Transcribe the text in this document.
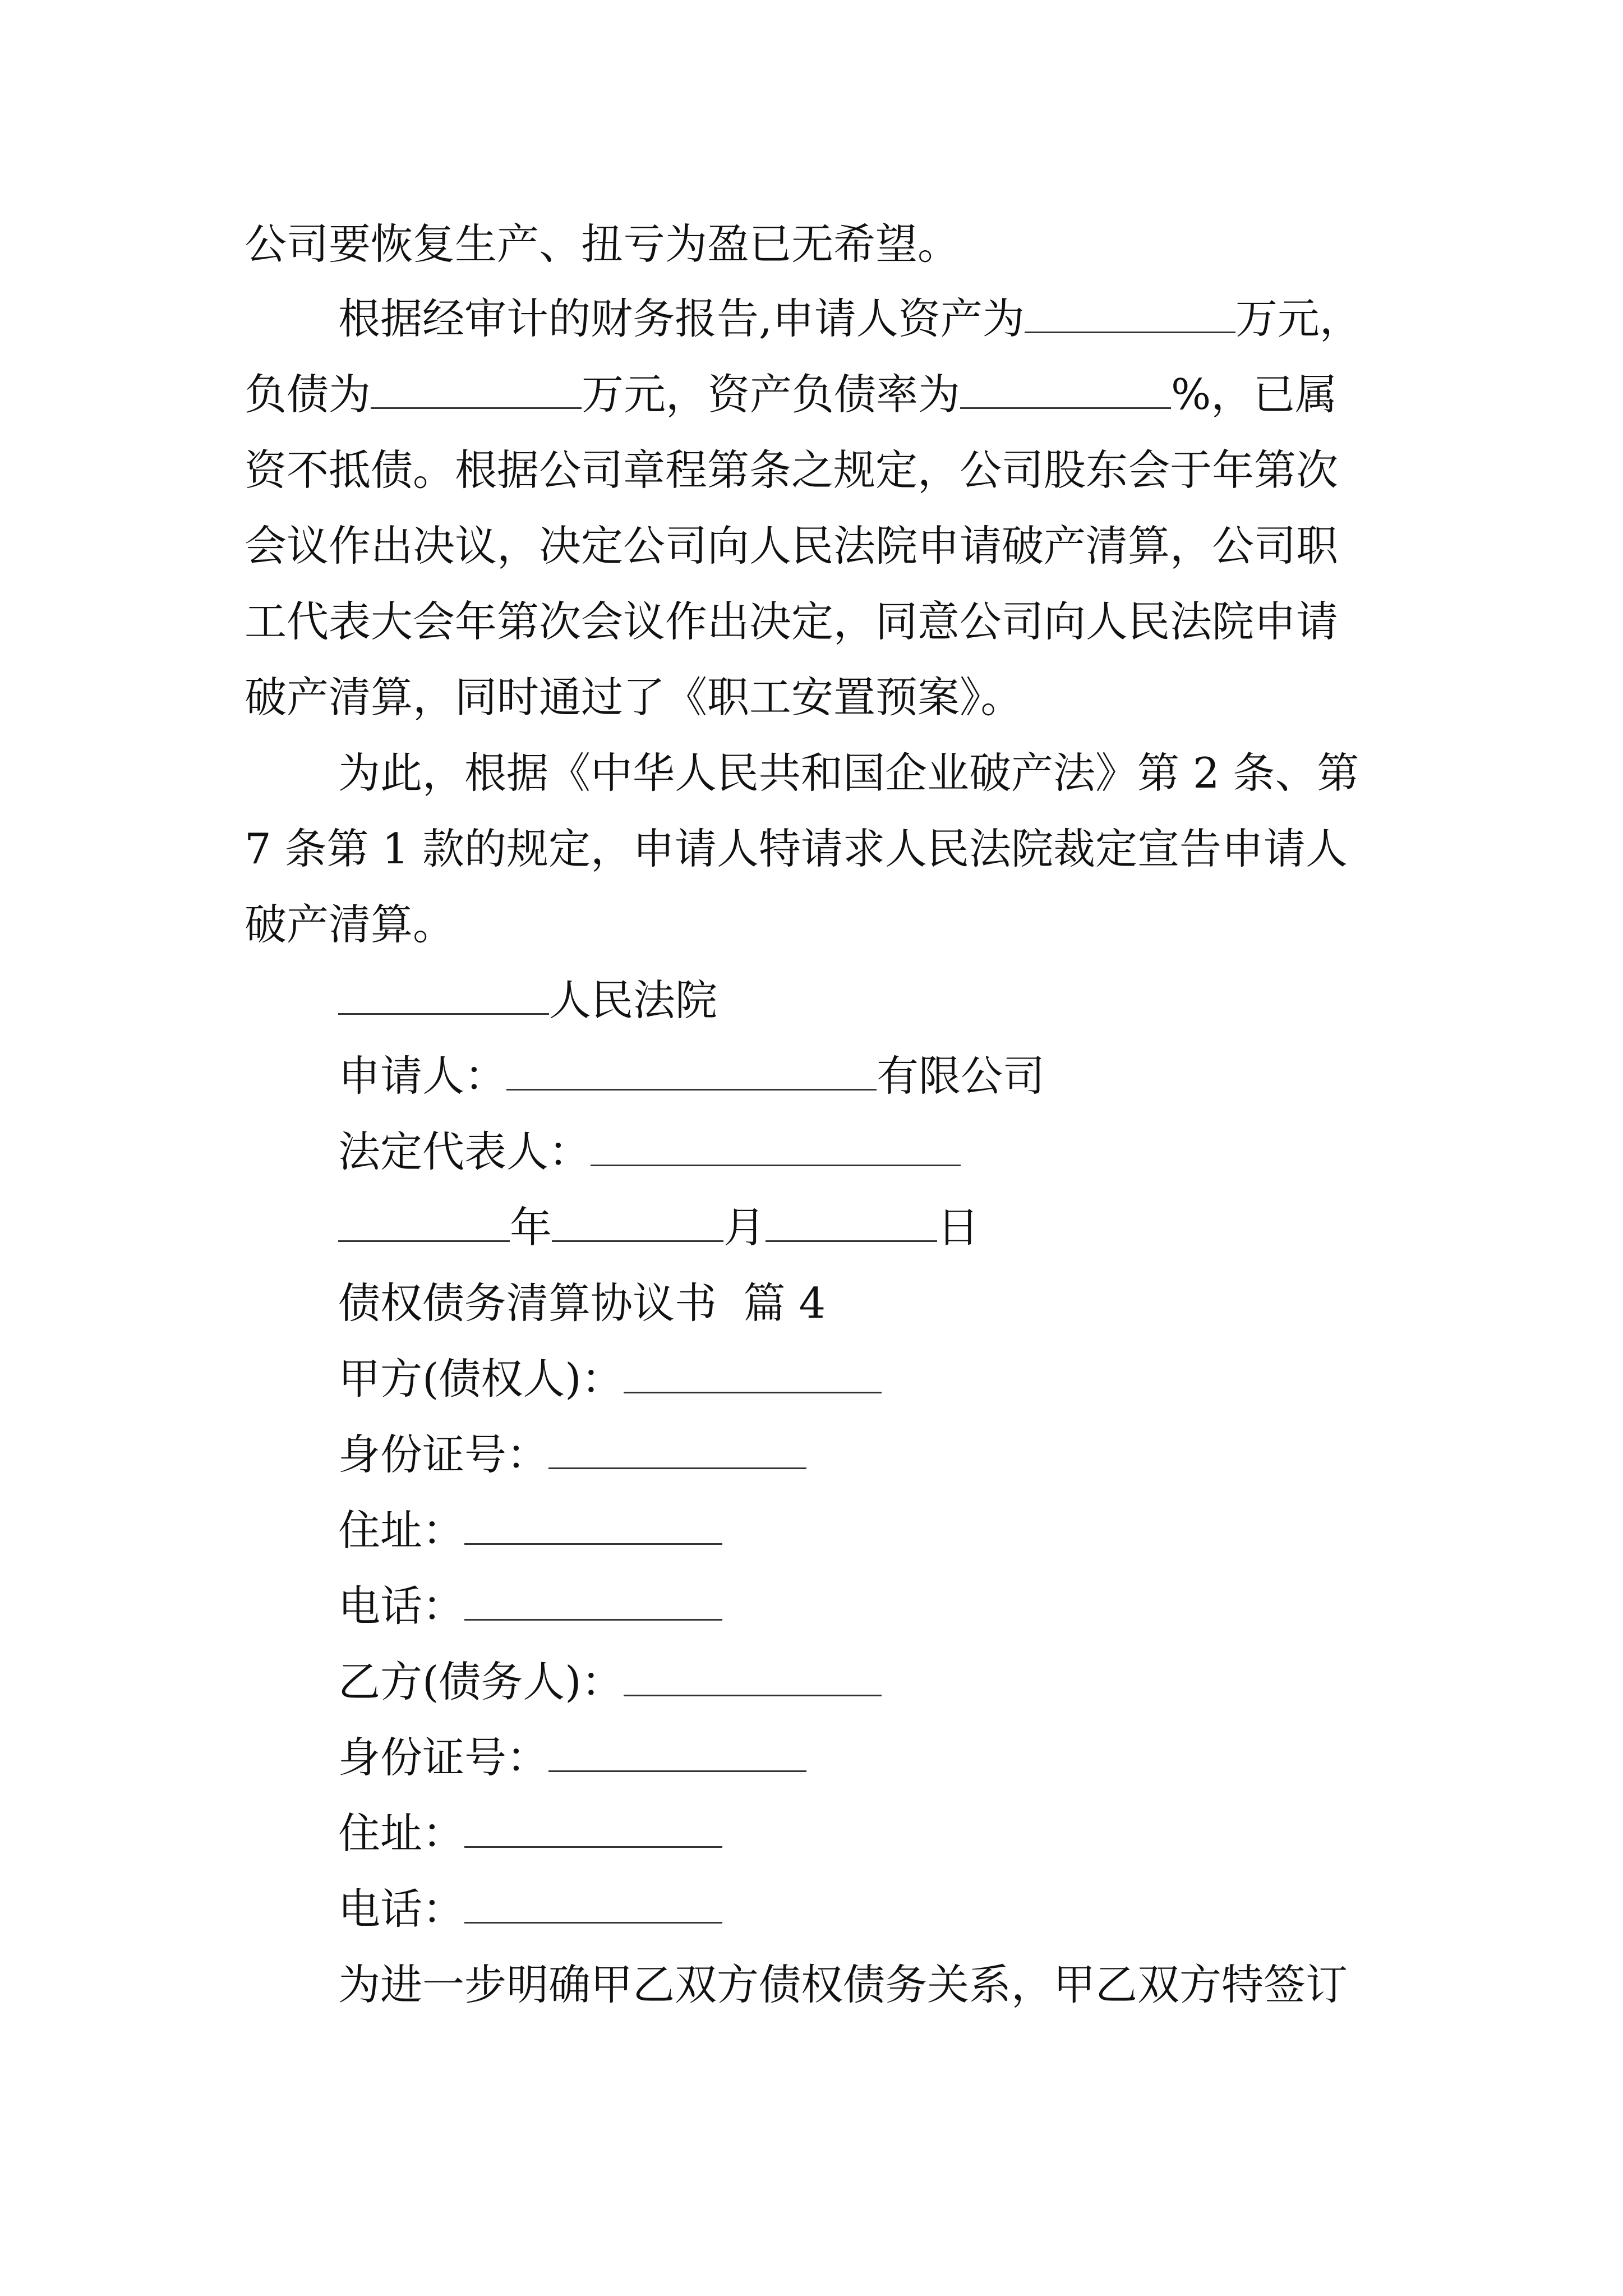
公司要恢复生产、扭亏为盈已无希望。
根据经审计的财务报告,申请人资产为	万元，
负债为	万元，资产负债率为	%，已属
资不抵债。根据公司章程第条之规定，公司股东会于年第次
会议作出决议，决定公司向人民法院申请破产清算，公司职
工代表大会年第次会议作出决定，同意公司向人民法院申请
破产清算，同时通过了《职工安置预案》。
为此，根据《中华人民共和国企业破产法》第 2 条、第
7 条第 1 款的规定，申请人特请求人民法院裁定宣告申请人
破产清算。
人民法院
申请人：	有限公司
法定代表人：
年	月	日
债权债务清算协议书  篇 4
甲方(债权人)：
身份证号：
住址：
电话：
乙方(债务人)：
身份证号：
住址：
电话：
为进一步明确甲乙双方债权债务关系，甲乙双方特签订
